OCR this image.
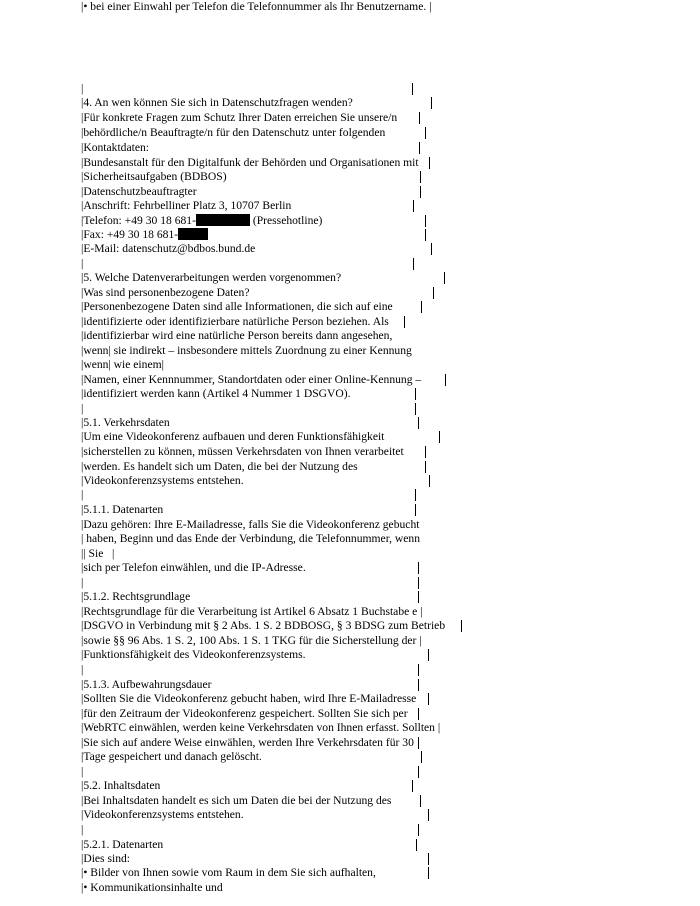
|
|4. An wen können Sie sich in Datenschutzfragen wenden?
|Für konkrete Fragen zum Schutz Ihrer Daten erreichen Sie unsere/n
|behördliche/n Beauftragte/n für den Datenschutz unter folgenden
|Kontaktdaten:
|Bundesanstalt für den Digitalfunk der Behörden und Organisationen mit
|Sicherheitsaufgaben (BDBOS)
|Datenschutzbeauftragter
|Anschrift: Fehrbelliner Platz 3, 10707 Berlin
|Telefon: +49 30 18 681-	(Pressehotline)
|Fax: +49 30 18 681-
|E-Mail: datenschutz@bdbos.bund.de
|
|5. Welche Datenverarbeitungen werden vorgenommen?
|Was sind personenbezogene Daten?
|Personenbezogene Daten sind alle Informationen, die sich auf eine
|identifizierte oder identifizierbare natürliche Person beziehen. Als
|identifizierbar wird eine natürliche Person bereits dann angesehen,
|wenn| sie indirekt – insbesondere mittels Zuordnung zu einer Kennung
|wenn| wie einem|
|Namen, einer Kennnummer, Standortdaten oder einer Online-Kennung –
|identifiziert werden kann (Artikel 4 Nummer 1 DSGVO).
|
|5.1. Verkehrsdaten
|Um eine Videokonferenz aufbauen und deren Funktionsfähigkeit
|sicherstellen zu können, müssen Verkehrsdaten von Ihnen verarbeitet
|werden. Es handelt sich um Daten, die bei der Nutzung des
|Videokonferenzsystems entstehen.
|
|5.1.1. Datenarten
|Dazu gehören: Ihre E-Mailadresse, falls Sie die Videokonferenz gebucht
| haben, Beginn und das Ende der Verbindung, die Telefonnummer, wenn
|| Sie   |
|sich per Telefon einwählen, und die IP-Adresse.
|
|5.1.2. Rechtsgrundlage
|Rechtsgrundlage für die Verarbeitung ist Artikel 6 Absatz 1 Buchstabe e |
|DSGVO in Verbindung mit § 2 Abs. 1 S. 2 BDBOSG, § 3 BDSG zum Betrieb
|sowie §§ 96 Abs. 1 S. 2, 100 Abs. 1 S. 1 TKG für die Sicherstellung der |
|Funktionsfähigkeit des Videokonferenzsystems.
|
|5.1.3. Aufbewahrungsdauer
|Sollten Sie die Videokonferenz gebucht haben, wird Ihre E-Mailadresse
|für den Zeitraum der Videokonferenz gespeichert. Sollten Sie sich per
|WebRTC einwählen, werden keine Verkehrsdaten von Ihnen erfasst. Sollten |
|Sie sich auf andere Weise einwählen, werden Ihre Verkehrsdaten für 30
|Tage gespeichert und danach gelöscht.
|
|5.2. Inhaltsdaten
|Bei Inhaltsdaten handelt es sich um Daten die bei der Nutzung des
|Videokonferenzsystems entstehen.
|
|5.2.1. Datenarten
|Dies sind:
|• Bilder von Ihnen sowie vom Raum in dem Sie sich aufhalten,
|• Kommunikationsinhalte und
|• bei einer Einwahl per Telefon die Telefonnummer als Ihr Benutzername. |
